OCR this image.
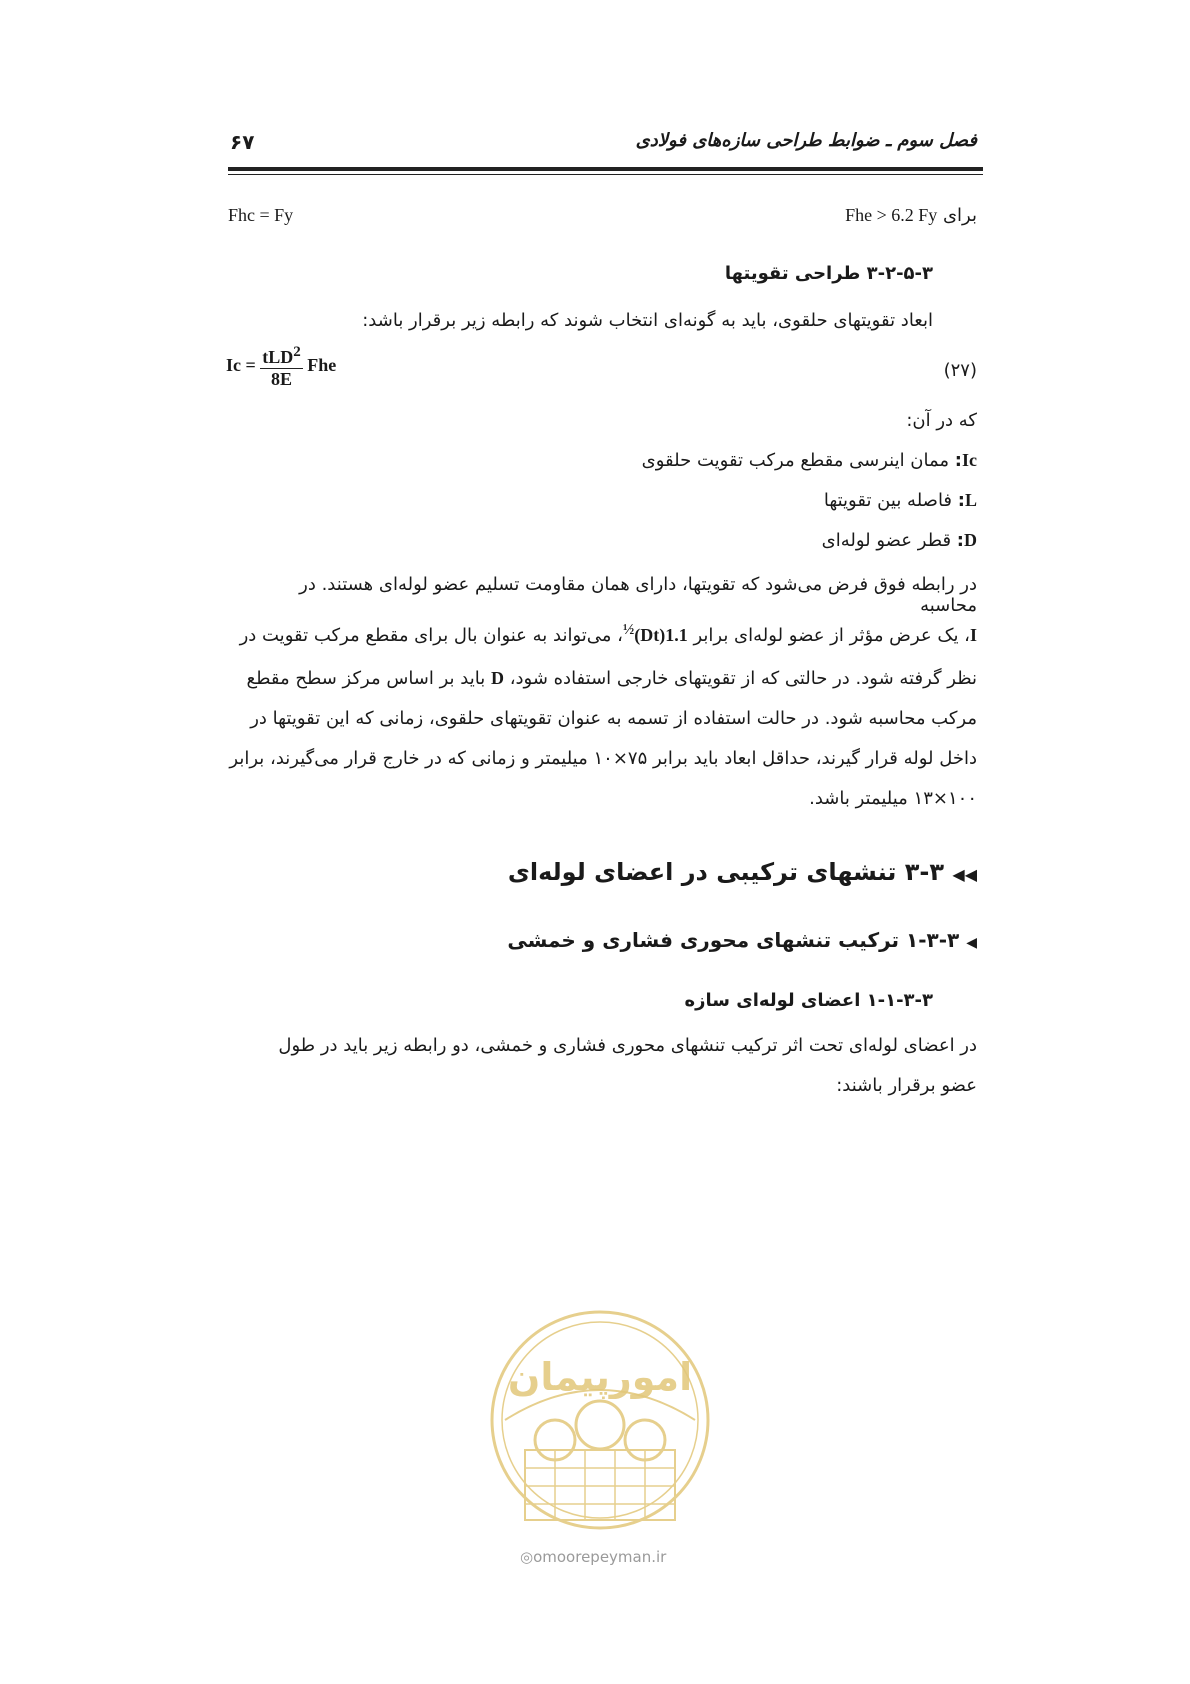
فصل سوم ـ ضوابط طراحی سازه‌های فولادی
۶۷
Fhe > 6.2 Fy برای
Fhc = Fy
۳-۲-۵-۳ طراحی تقویتها
ابعاد تقویتهای حلقوی، باید به گونه‌ای انتخاب شوند که رابطه زیر برقرار باشد:
(۲۷)
$Ic = \frac{tLD^2}{8E}$ Fhe
که در آن:
Ic: ممان اینرسی مقطع مرکب تقویت حلقوی
L: فاصله بین تقویتها
D: قطر عضو لوله‌ای
در رابطه فوق فرض می‌شود که تقویتها، دارای همان مقاومت تسلیم عضو لوله‌ای هستند. در محاسبه
I، یک عرض مؤثر از عضو لوله‌ای برابر $1.1(Dt)^{\frac{1}{2}}،$ می‌تواند به عنوان بال برای مقطع مرکب تقویت در
نظر گرفته شود. در حالتی که از تقویتهای خارجی استفاده شود، D باید بر اساس مرکز سطح مقطع
مرکب محاسبه شود. در حالت استفاده از تسمه به عنوان تقویتهای حلقوی، زمانی که این تقویتها در
داخل لوله قرار گیرند، حداقل ابعاد باید برابر ۷۵×۱۰ میلیمتر و زمانی که در خارج قرار می‌گیرند، برابر
۱۰۰×۱۳ میلیمتر باشد.
◀◀ ۳-۳ تنشهای ترکیبی در اعضای لوله‌ای
◀ ۱-۳-۳ ترکیب تنشهای محوری فشاری و خمشی
۱-۱-۳-۳ اعضای لوله‌ای سازه
در اعضای لوله‌ای تحت اثر ترکیب تنشهای محوری فشاری و خمشی، دو رابطه زیر باید در طول
عضو برقرار باشند:
امورپیمان
◎omoorepeyman.ir
